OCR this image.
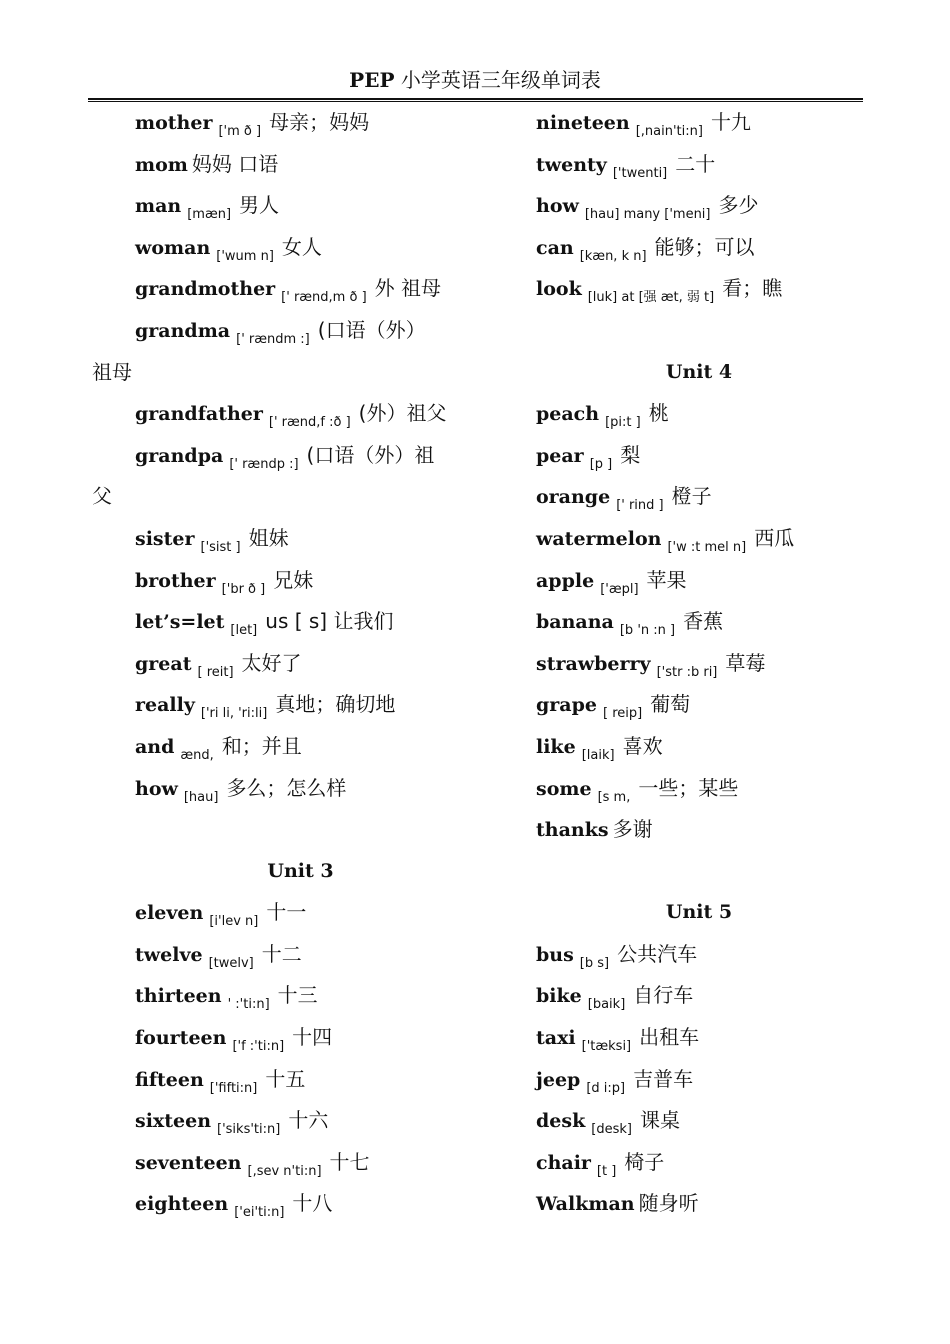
PEP 小学英语三年级单词表
mother $_{['m ð ]}$ 母亲；妈妈
mom 妈妈 口语
man $_{[mæn]}$ 男人
woman $_{['wum n]}$ 女人
grandmother $_{[' rænd,m ð ]}$ 外 祖母
grandma $_{[' rændm :]}$ (口语（外）
祖母
grandfather $_{[' rænd,f :ð ]}$ (外）祖父
grandpa $_{[' rændp :]}$ (口语（外）祖
父
sister $_{['sist ]}$ 姐妹
brother $_{['br ð ]}$ 兄妹
let’s=let $_{[let]}$ us [ s] 让我们
great $_{[ reit]}$ 太好了
really $_{['ri li, 'ri:li]}$ 真地；确切地
and $_{ænd,}$ 和；并且
how $_{[hau]}$ 多么；怎么样
Unit 3
eleven $_{[i'lev n]}$ 十一
twelve $_{[twelv]}$ 十二
thirteen $_{' :'ti:n]}$ 十三
fourteen $_{['f :'ti:n]}$ 十四
fifteen $_{['fifti:n]}$ 十五
sixteen $_{['siks'ti:n]}$ 十六
seventeen $_{[,sev n'ti:n]}$ 十七
eighteen $_{['ei'ti:n]}$ 十八
nineteen $_{[,nain'ti:n]}$ 十九
twenty $_{['twenti]}$ 二十
how $_{[hau] many ['meni]}$ 多少
can $_{[kæn, k n]}$ 能够；可以
look $_{[luk] at [强 æt, 弱 t]}$ 看；瞧
Unit 4
peach $_{[pi:t ]}$ 桃
pear $_{[p ]}$ 梨
orange $_{[' rind ]}$ 橙子
watermelon $_{['w :t mel n]}$ 西瓜
apple $_{['æpl]}$ 苹果
banana $_{[b 'n :n ]}$ 香蕉
strawberry $_{['str :b ri]}$ 草莓
grape $_{[ reip]}$ 葡萄
like $_{[laik]}$ 喜欢
some $_{[s m,}$ 一些；某些
thanks 多谢
Unit 5
bus $_{[b s]}$ 公共汽车
bike $_{[baik]}$ 自行车
taxi $_{['tæksi]}$ 出租车
jeep $_{[d i:p]}$ 吉普车
desk $_{[desk]}$ 课桌
chair $_{[t ]}$ 椅子
Walkman 随身听
